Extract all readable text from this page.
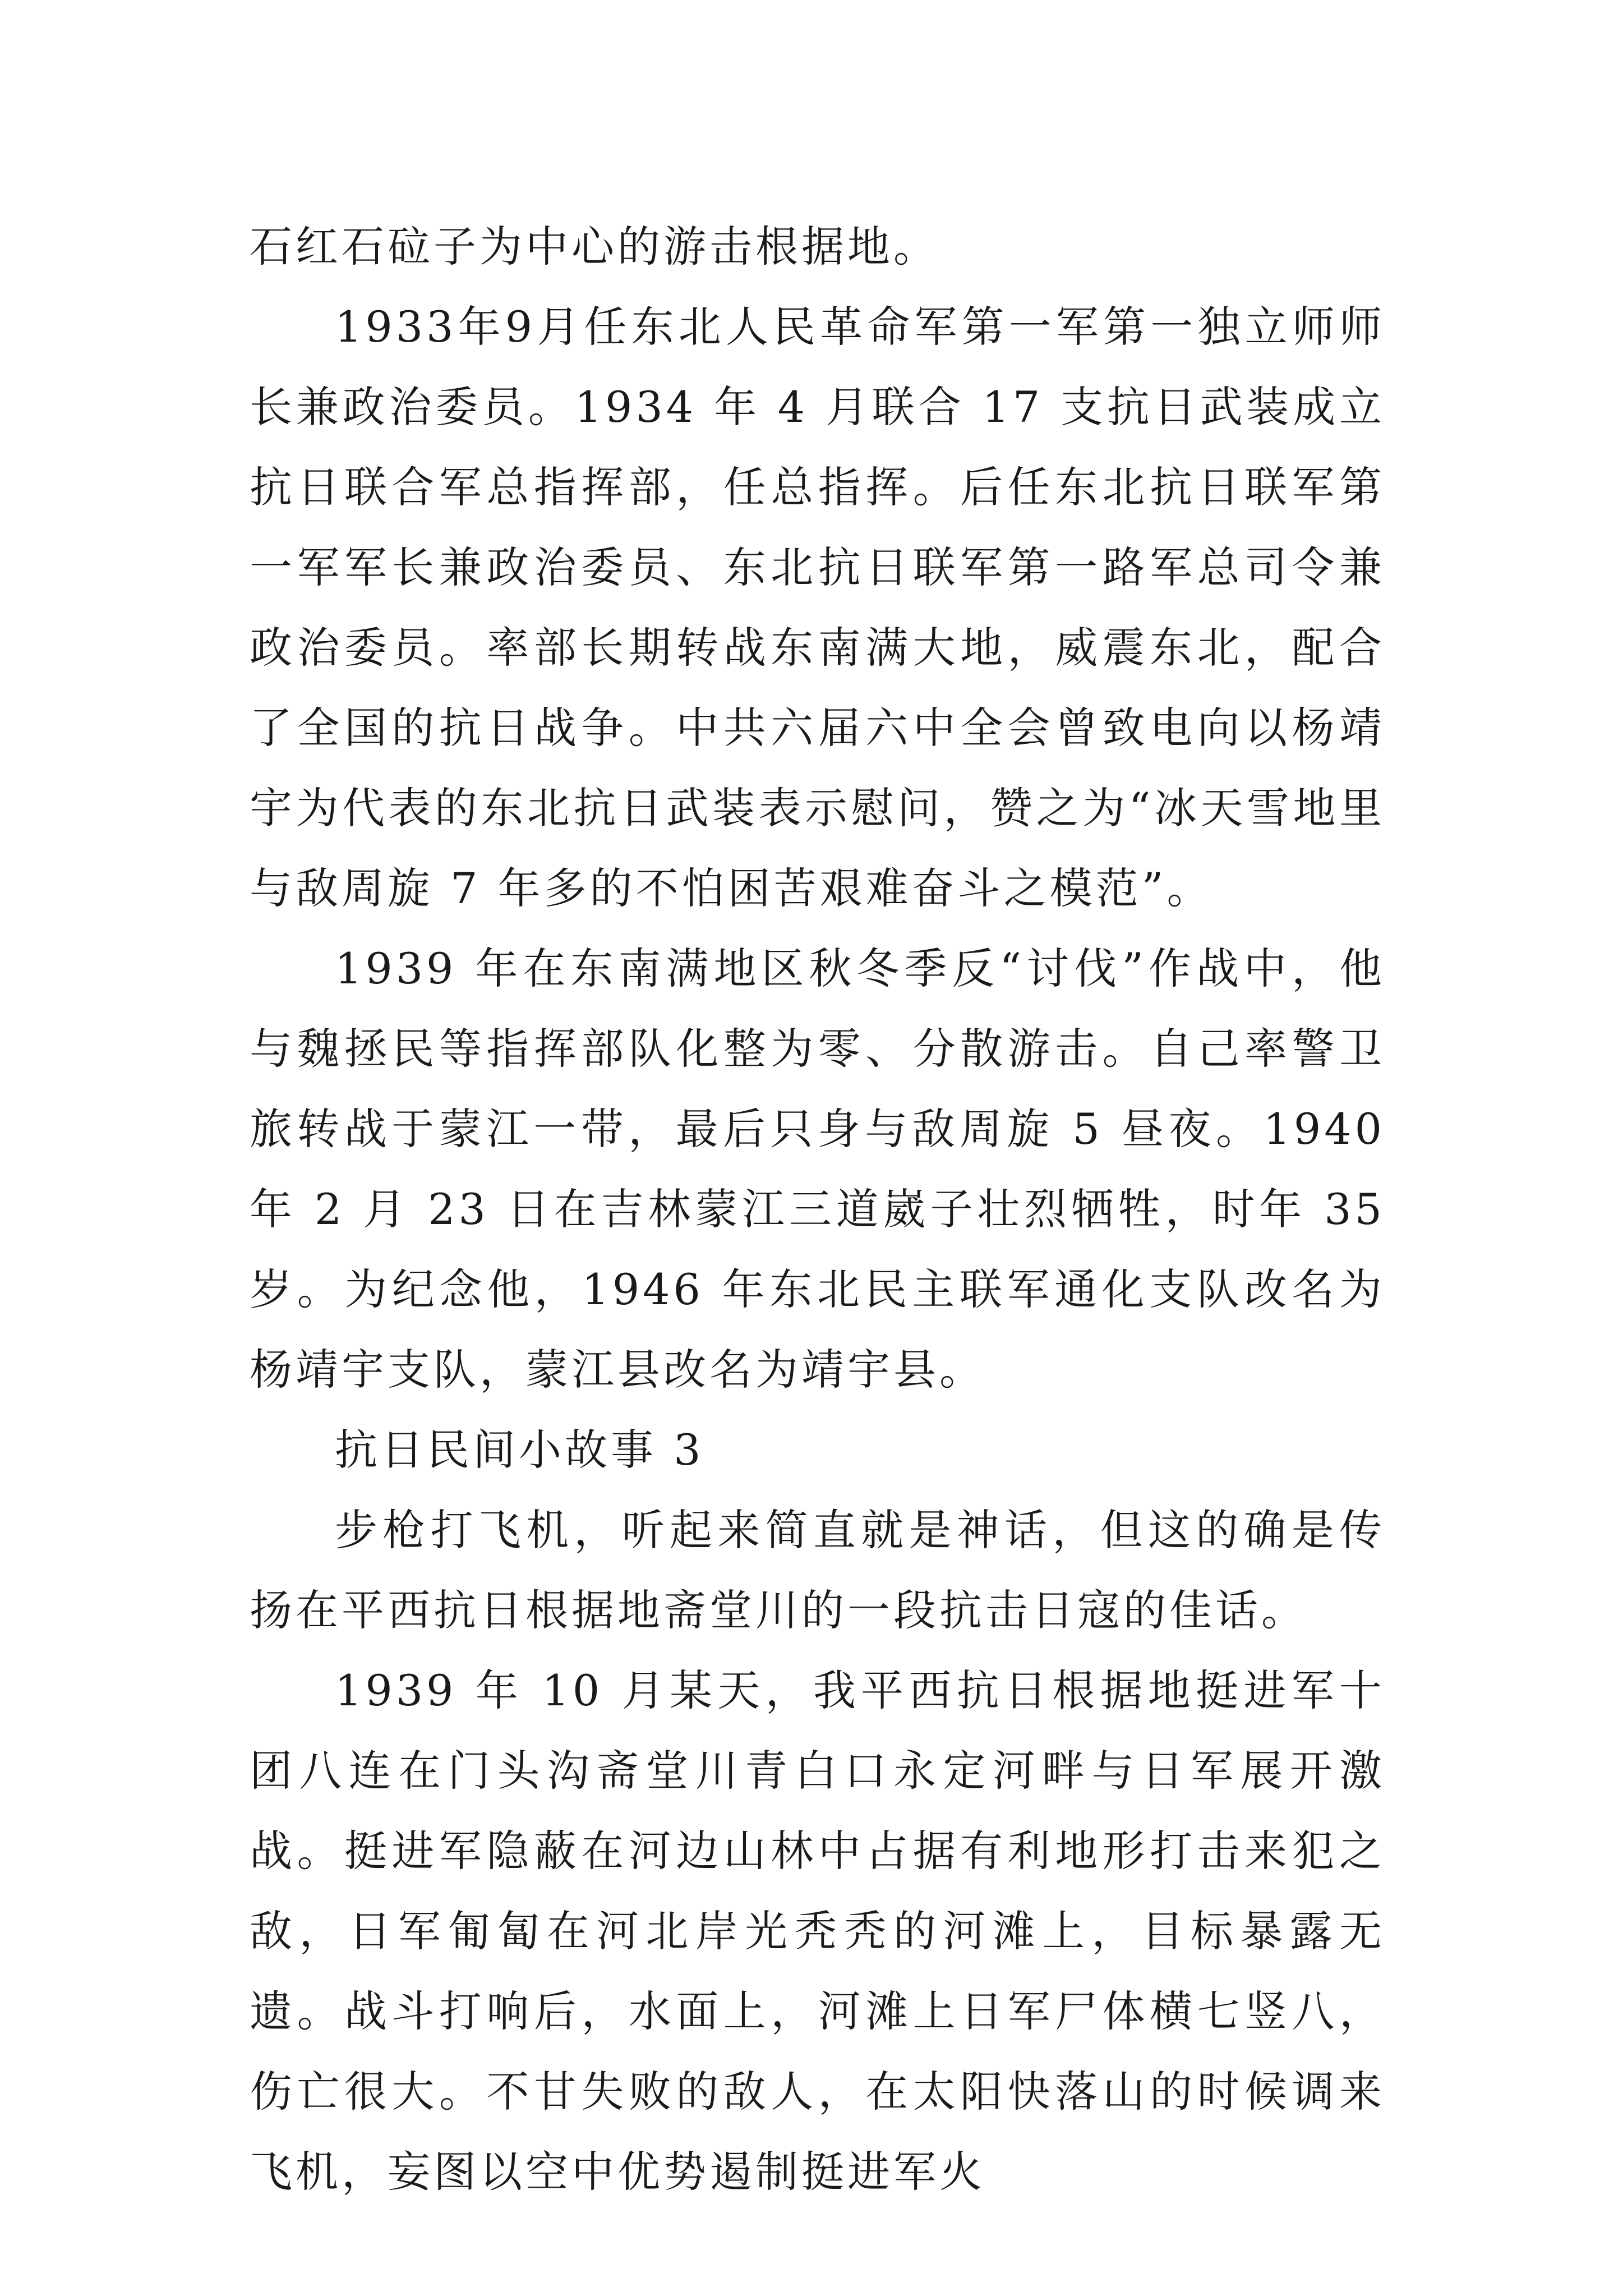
石红石砬子为中心的游击根据地。

1933年9月任东北人民革命军第一军第一独立师师长兼政治委员。1934 年 4 月联合 17 支抗日武装成立抗日联合军总指挥部，任总指挥。后任东北抗日联军第一军军长兼政治委员、东北抗日联军第一路军总司令兼政治委员。率部长期转战东南满大地，威震东北，配合了全国的抗日战争。中共六届六中全会曾致电向以杨靖宇为代表的东北抗日武装表示慰问，赞之为“冰天雪地里与敌周旋 7 年多的不怕困苦艰难奋斗之模范”。

1939 年在东南满地区秋冬季反“讨伐”作战中，他与魏拯民等指挥部队化整为零、分散游击。自己率警卫旅转战于蒙江一带，最后只身与敌周旋 5 昼夜。1940 年 2 月 23 日在吉林蒙江三道崴子壮烈牺牲，时年 35 岁。为纪念他，1946 年东北民主联军通化支队改名为杨靖宇支队，蒙江县改名为靖宇县。

抗日民间小故事 3

步枪打飞机，听起来简直就是神话，但这的确是传扬在平西抗日根据地斋堂川的一段抗击日寇的佳话。

1939 年 10 月某天，我平西抗日根据地挺进军十团八连在门头沟斋堂川青白口永定河畔与日军展开激战。挺进军隐蔽在河边山林中占据有利地形打击来犯之敌，日军匍匐在河北岸光秃秃的河滩上，目标暴露无遗。战斗打响后，水面上，河滩上日军尸体横七竖八，伤亡很大。不甘失败的敌人，在太阳快落山的时候调来飞机，妄图以空中优势遏制挺进军火
